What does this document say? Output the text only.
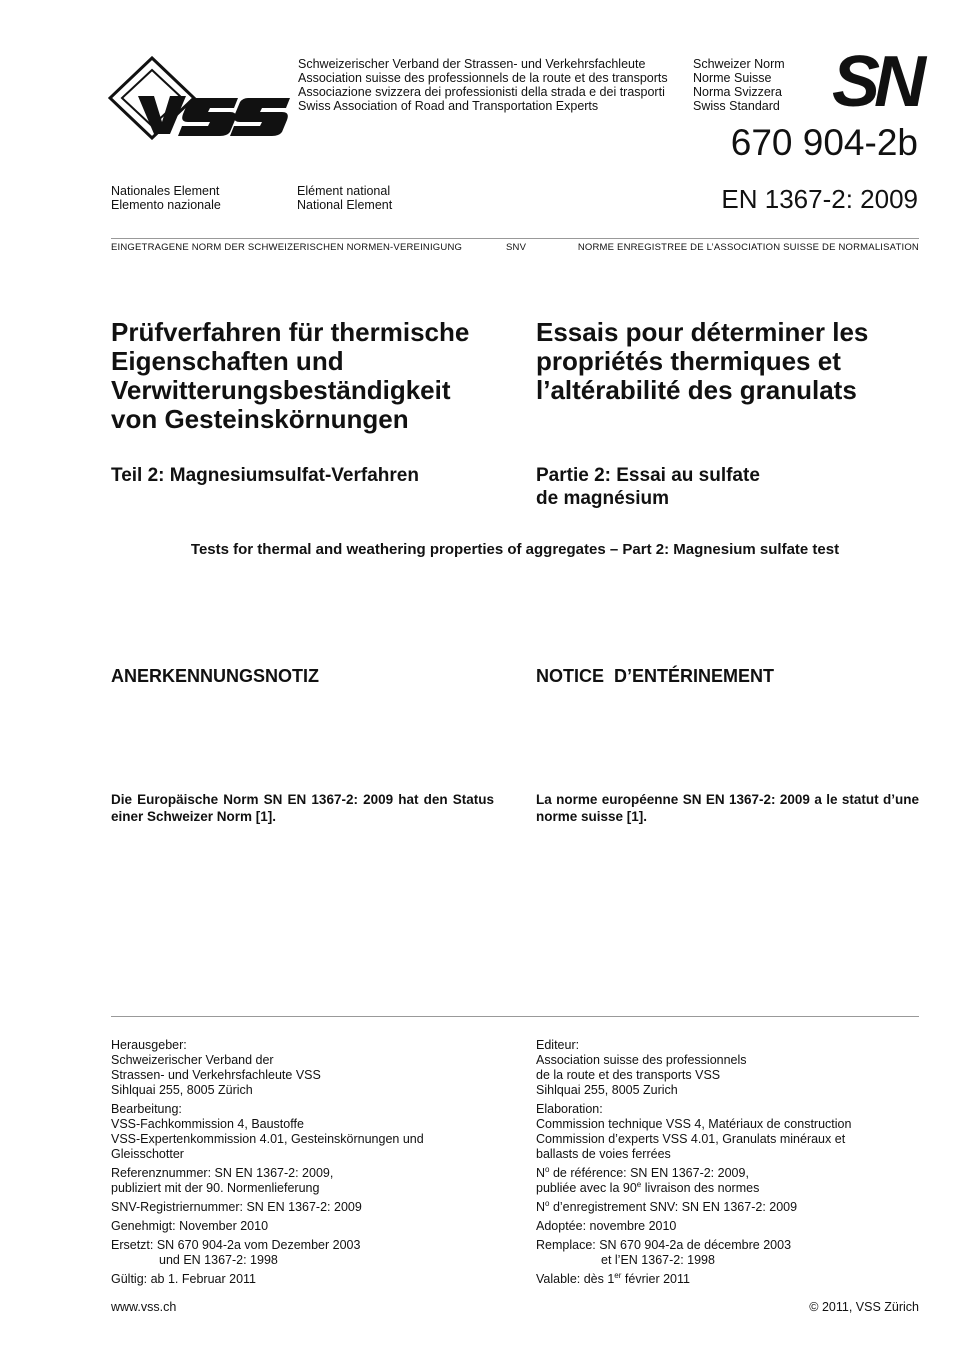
Schweizerischer Verband der Strassen- und Verkehrsfachleute
Association suisse des professionnels de la route et des transports
Associazione svizzera dei professionisti della strada e dei trasporti
Swiss Association of Road and Transportation Experts
Schweizer Norm
Norme Suisse
Norma Svizzera
Swiss Standard SN
670 904-2b
EN 1367-2: 2009
Nationales Element
Elemento nazionale
Elément national
National Element
EINGETRAGENE NORM DER SCHWEIZERISCHEN NORMEN-VEREINIGUNG	SNV	NORME ENREGISTREE DE L’ASSOCIATION SUISSE DE NORMALISATION
Prüfverfahren für thermische
Eigenschaften und
Verwitterungsbeständigkeit
von Gesteinskörnungen
Essais pour déterminer les
propriétés thermiques et
l’altérabilité des granulats
Teil 2: Magnesiumsulfat-Verfahren	Partie 2: Essai au sulfate
de magnésium
Tests for thermal and weathering properties of aggregates – Part 2: Magnesium sulfate test
ANERKENNUNGSNOTIZ	NOTICE  D’ENTÉRINEMENT
Die Europäische Norm SN EN 1367-2: 2009 hat den Status einer Schweizer Norm [1].
La norme européenne SN EN 1367-2: 2009 a le statut d’une norme suisse [1].

Herausgeber:
Schweizerischer Verband der
Strassen- und Verkehrsfachleute VSS
Sihlquai 255, 8005 Zürich

Bearbeitung:
VSS-Fachkommission 4, Baustoffe
VSS-Expertenkommission 4.01, Gesteinskörnungen und
Gleisschotter

Referenznummer: SN EN 1367-2: 2009,
publiziert mit der 90. Normenlieferung

SNV-Registriernummer: SN EN 1367-2: 2009

Genehmigt: November 2010

Ersetzt: SN 670 904-2a vom Dezember 2003
und EN 1367-2: 1998

Gültig: ab 1. Februar 2011

Editeur:
Association suisse des professionnels
de la route et des transports VSS
Sihlquai 255, 8005 Zurich

Elaboration:
Commission technique VSS 4, Matériaux de construction
Commission d’experts VSS 4.01, Granulats minéraux et
ballasts de voies ferrées

$N^o$ de référence: SN EN 1367-2: 2009,
publiée avec la 90e livraison des normes

$N^o$ d’enregistrement SNV: SN EN 1367-2: 2009

Adoptée: novembre 2010

Remplace: SN 670 904-2a de décembre 2003
et l’EN 1367-2: 1998

Valable: dès 1er février 2011

www.vss.ch	© 2011, VSS Zürich
